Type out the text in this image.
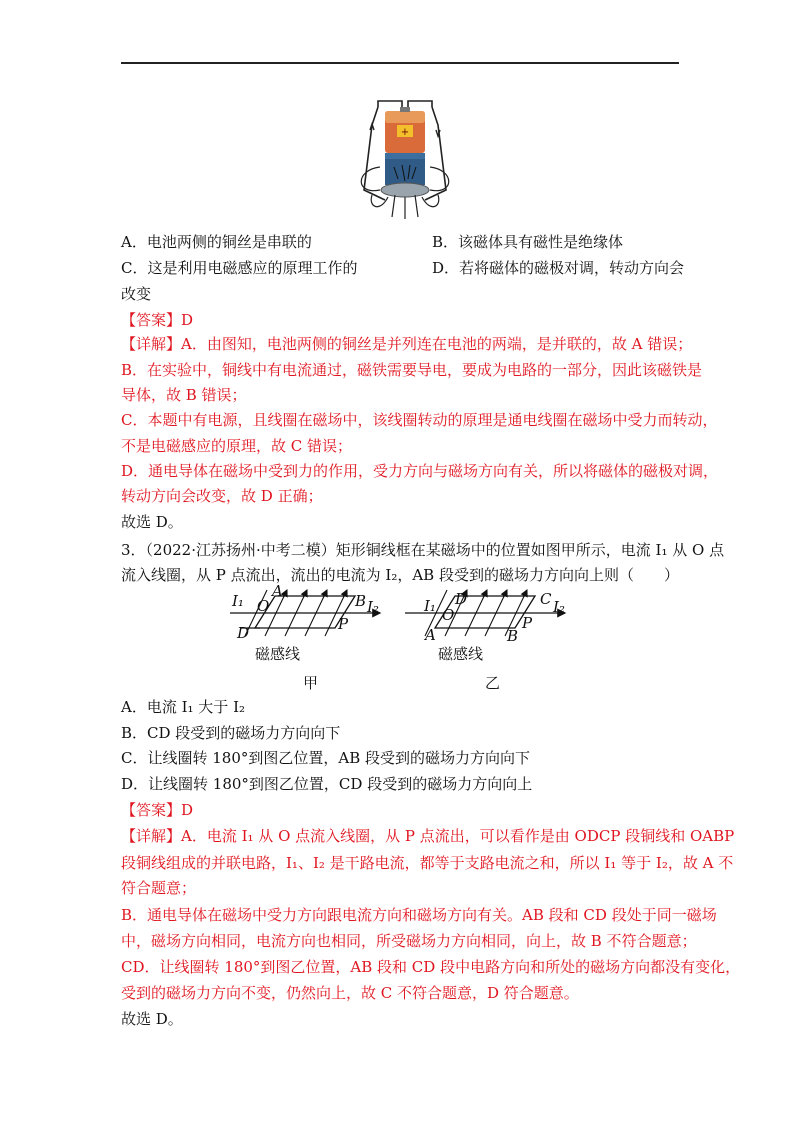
+
A．电池两侧的铜丝是串联的	B．该磁体具有磁性是绝缘体
C．这是利用电磁感应的原理工作的	D．若将磁体的磁极对调，转动方向会
改变
【答案】D
【详解】A．由图知，电池两侧的铜丝是并列连在电池的两端，是并联的，故 A 错误；
B．在实验中，铜线中有电流通过，磁铁需要导电，要成为电路的一部分，因此该磁铁是
导体，故 B 错误；
C．本题中有电源，且线圈在磁场中，该线圈转动的原理是通电线圈在磁场中受力而转动，
不是电磁感应的原理，故 C 错误；
D．通电导体在磁场中受到力的作用，受力方向与磁场方向有关，所以将磁体的磁极对调，
转动方向会改变，故 D 正确；
故选 D。
3．（2022·江苏扬州·中考二模）矩形铜线框在某磁场中的位置如图甲所示，电流 I₁ 从 O 点
流入线圈，从 P 点流出，流出的电流为 I₂，AB 段受到的磁场力方向向上则（　　）
I₁ O
A
B I₂
D	P
磁感线
I₁ D	C I₂
O
A	B
P
磁感线
甲	乙
A．电流 I₁ 大于 I₂
B．CD 段受到的磁场力方向向下
C．让线圈转 180°到图乙位置，AB 段受到的磁场力方向向下
D．让线圈转 180°到图乙位置，CD 段受到的磁场力方向向上
【答案】D
【详解】A．电流 I₁ 从 O 点流入线圈，从 P 点流出，可以看作是由 ODCP 段铜线和 OABP
段铜线组成的并联电路，I₁、I₂ 是干路电流，都等于支路电流之和，所以 I₁ 等于 I₂，故 A 不
符合题意；
B．通电导体在磁场中受力方向跟电流方向和磁场方向有关。AB 段和 CD 段处于同一磁场
中，磁场方向相同，电流方向也相同，所受磁场力方向相同，向上，故 B 不符合题意；
CD．让线圈转 180°到图乙位置，AB 段和 CD 段中电路方向和所处的磁场方向都没有变化，
受到的磁场力方向不变，仍然向上，故 C 不符合题意，D 符合题意。
故选 D。
